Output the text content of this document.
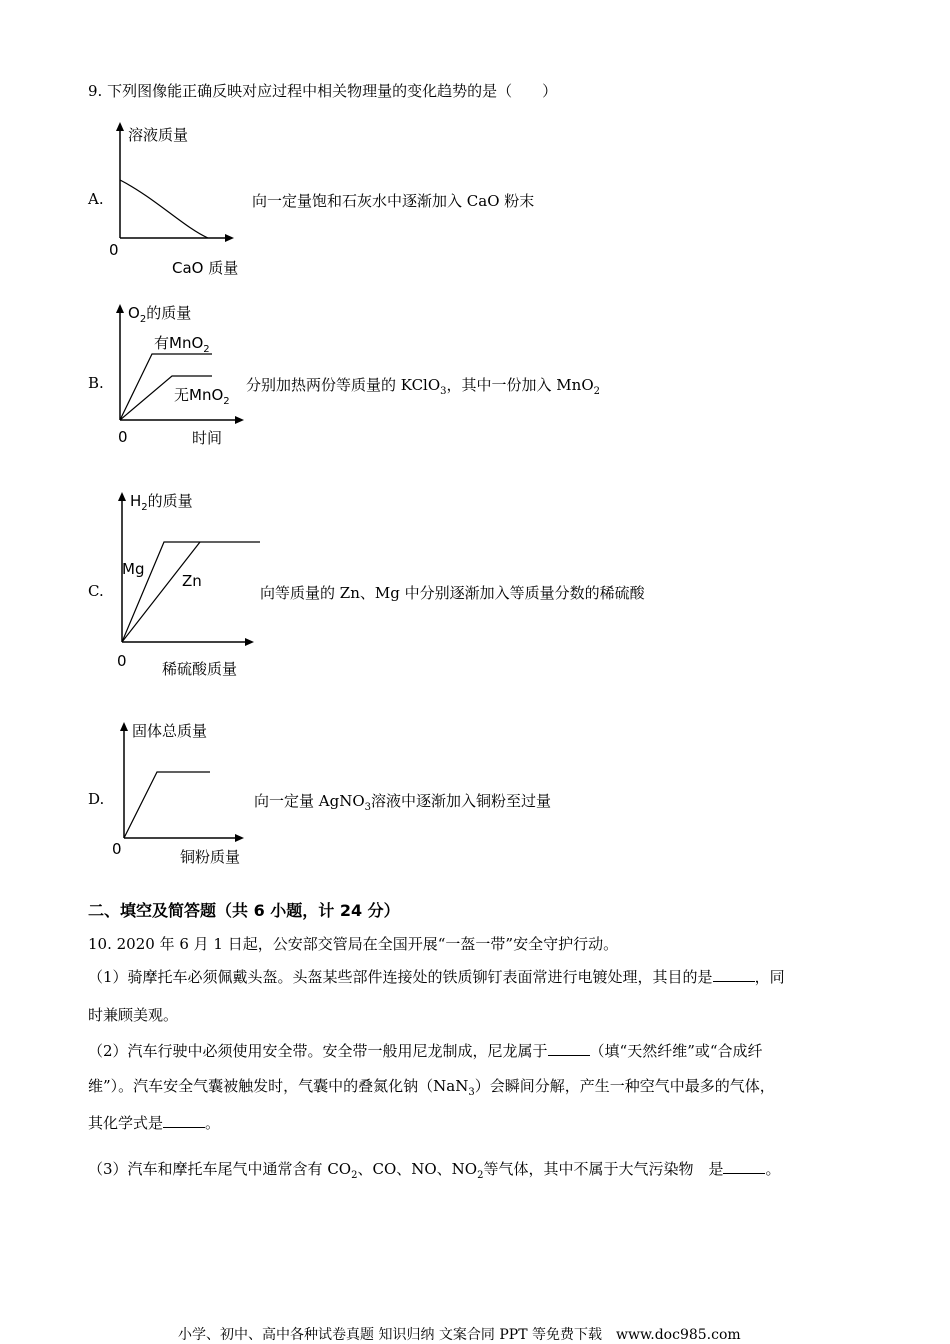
9. 下列图像能正确反映对应过程中相关物理量的变化趋势的是（　　）
A.
溶液质量
0
CaO 质量
向一定量饱和石灰水中逐渐加入 CaO 粉末
B.
$O_2$的质量
有MnO$_2$
无MnO$_2$
0	时间
分别加热两份等质量的 KClO$_3$，其中一份加入 MnO$_2$
C.
$H_2$的质量
Mg
Zn
0 稀硫酸质量
向等质量的 Zn、Mg 中分别逐渐加入等质量分数的稀硫酸
D.
固体总质量
0	铜粉质量
向一定量 AgNO$_3$溶液中逐渐加入铜粉至过量
二、填空及简答题（共 6 小题，计 24 分）
10. 2020 年 6 月 1 日起，公安部交管局在全国开展“一盔一带”安全守护行动。
（1）骑摩托车必须佩戴头盔。头盔某些部件连接处的铁质铆钉表面常进行电镀处理，其目的是	，同
时兼顾美观。
（2）汽车行驶中必须使用安全带。安全带一般用尼龙制成，尼龙属于	（填“天然纤维”或“合成纤
维”）。汽车安全气囊被触发时，气囊中的叠氮化钠（NaN$_3$）会瞬间分解，产生一种空气中最多的气体，
其化学式是	。
（3）汽车和摩托车尾气中通常含有 $CO_2$、CO、NO、$NO_2$等气体，其中不属于大气污染物　是	。
小学、初中、高中各种试卷真题 知识归纳 文案合同 PPT 等免费下载　www.doc985.com
